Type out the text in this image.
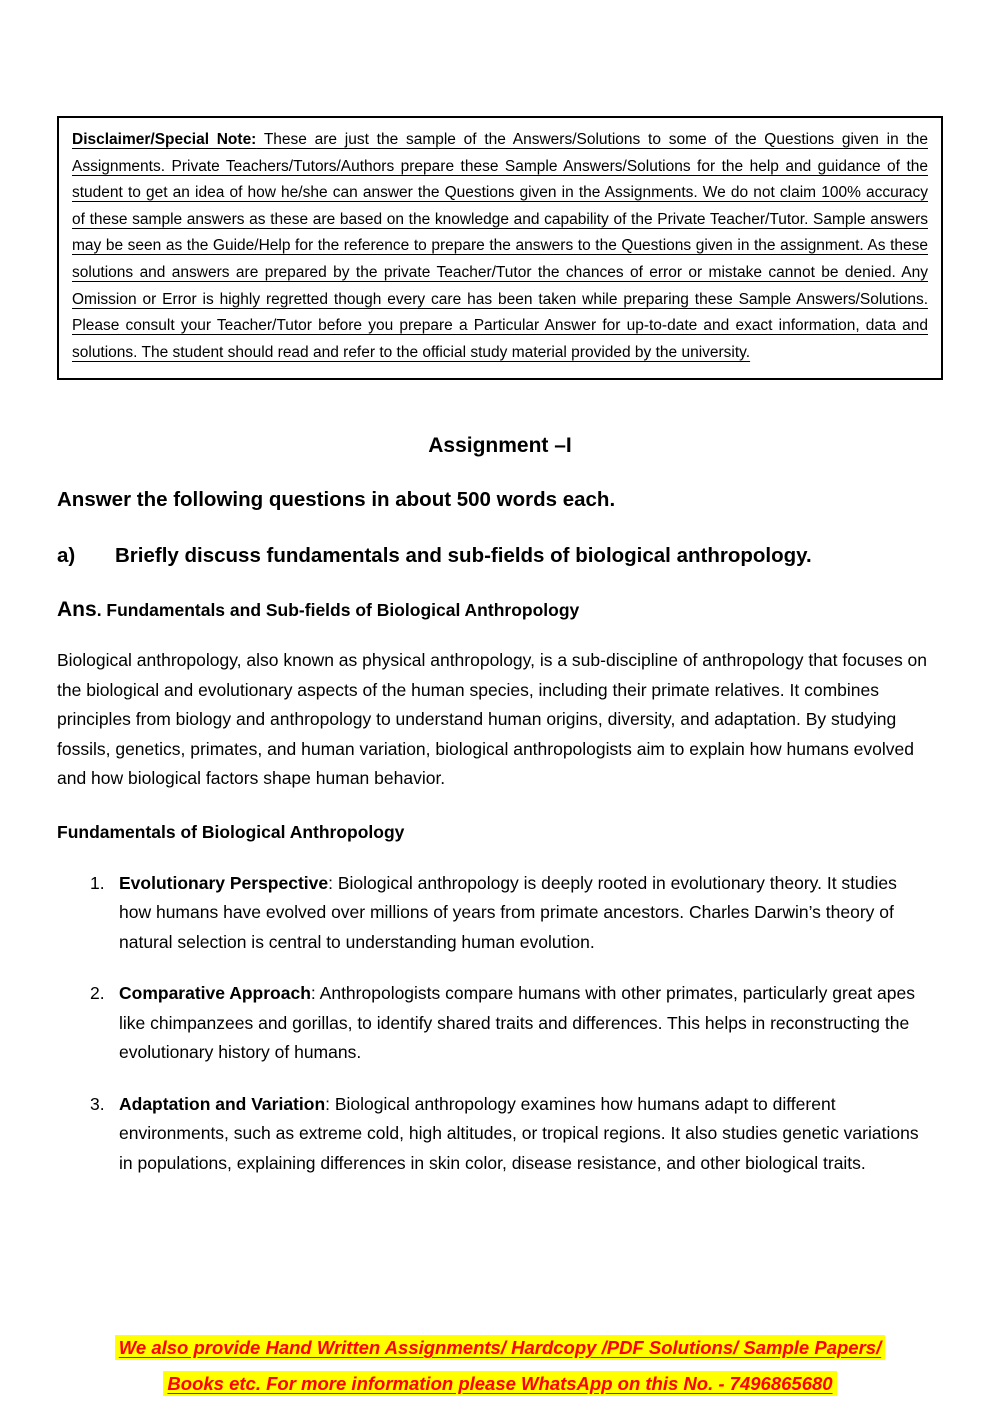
Disclaimer/Special Note: These are just the sample of the Answers/Solutions to some of the Questions given in the Assignments. Private Teachers/Tutors/Authors prepare these Sample Answers/Solutions for the help and guidance of the student to get an idea of how he/she can answer the Questions given in the Assignments. We do not claim 100% accuracy of these sample answers as these are based on the knowledge and capability of the Private Teacher/Tutor. Sample answers may be seen as the Guide/Help for the reference to prepare the answers to the Questions given in the assignment. As these solutions and answers are prepared by the private Teacher/Tutor the chances of error or mistake cannot be denied. Any Omission or Error is highly regretted though every care has been taken while preparing these Sample Answers/Solutions. Please consult your Teacher/Tutor before you prepare a Particular Answer for up-to-date and exact information, data and solutions. The student should read and refer to the official study material provided by the university.

Assignment –I

Answer the following questions in about 500 words each.

a)	Briefly discuss fundamentals and sub-fields of biological anthropology.

Ans. Fundamentals and Sub-fields of Biological Anthropology

Biological anthropology, also known as physical anthropology, is a sub-discipline of anthropology that focuses on the biological and evolutionary aspects of the human species, including their primate relatives. It combines principles from biology and anthropology to understand human origins, diversity, and adaptation. By studying fossils, genetics, primates, and human variation, biological anthropologists aim to explain how humans evolved and how biological factors shape human behavior.

Fundamentals of Biological Anthropology
1. Evolutionary Perspective: Biological anthropology is deeply rooted in evolutionary theory. It studies how humans have evolved over millions of years from primate ancestors. Charles Darwin’s theory of natural selection is central to understanding human evolution.
2. Comparative Approach: Anthropologists compare humans with other primates, particularly great apes like chimpanzees and gorillas, to identify shared traits and differences. This helps in reconstructing the evolutionary history of humans.
3. Adaptation and Variation: Biological anthropology examines how humans adapt to different environments, such as extreme cold, high altitudes, or tropical regions. It also studies genetic variations in populations, explaining differences in skin color, disease resistance, and other biological traits.
We also provide Hand Written Assignments/ Hardcopy /PDF Solutions/ Sample Papers/
Books etc. For more information please WhatsApp on this No. - 7496865680
